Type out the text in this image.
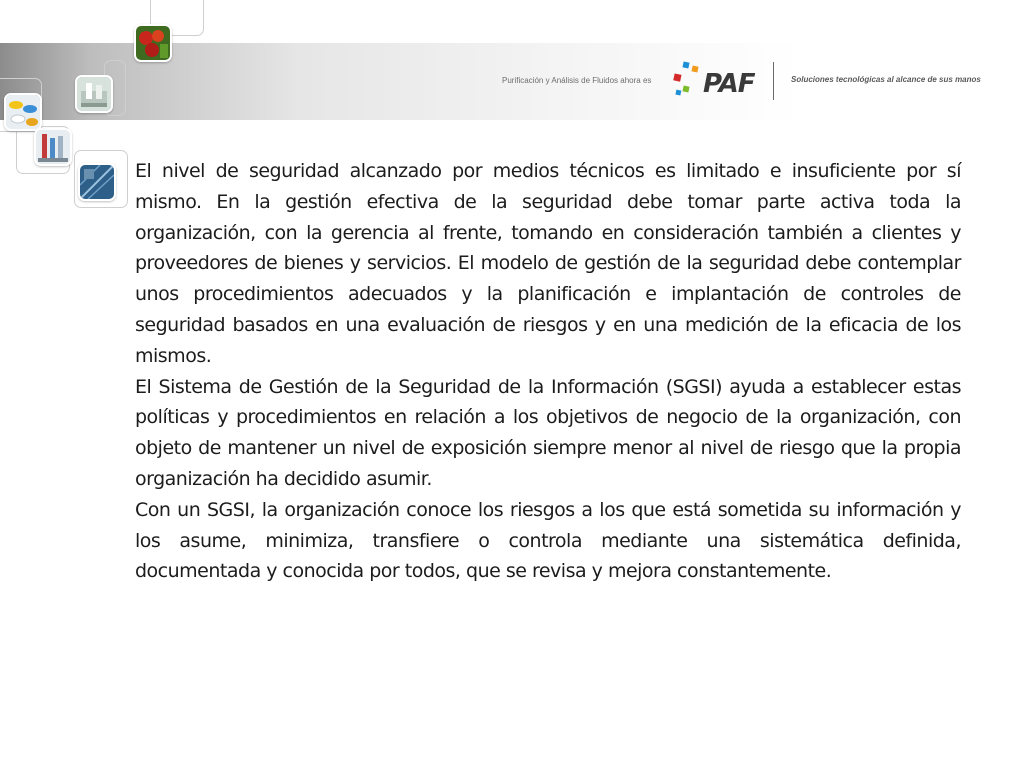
Purificación y Análisis de Fluidos ahora es PAF	Soluciones tecnológicas al alcance de sus manos

El nivel de seguridad alcanzado por medios técnicos es limitado e insuficiente por sí mismo. En la gestión efectiva de la seguridad debe tomar parte activa toda la organización, con la gerencia al frente, tomando en consideración también a clientes y proveedores de bienes y servicios. El modelo de gestión de la seguridad debe contemplar unos procedimientos adecuados y la planificación e implantación de controles de seguridad basados en una evaluación de riesgos y en una medición de la eficacia de los mismos.

El Sistema de Gestión de la Seguridad de la Información (SGSI) ayuda a establecer estas políticas y procedimientos en relación a los objetivos de negocio de la organización, con objeto de mantener un nivel de exposición siempre menor al nivel de riesgo que la propia organización ha decidido asumir.

Con un SGSI, la organización conoce los riesgos a los que está sometida su información y los asume, minimiza, transfiere o controla mediante una sistemática definida, documentada y conocida por todos, que se revisa y mejora constantemente.
